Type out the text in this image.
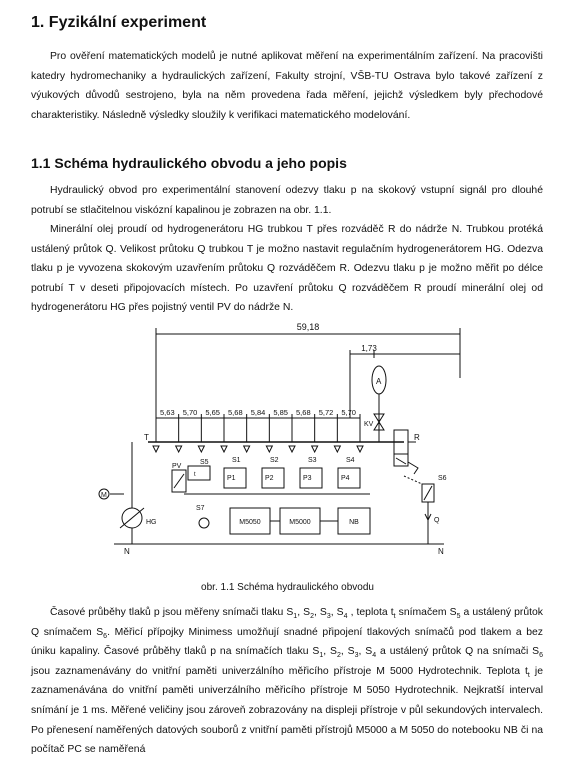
1. Fyzikální experiment

Pro ověření matematických modelů je nutné aplikovat měření na experimentálním zařízení. Na pracovišti katedry hydromechaniky a hydraulických zařízení, Fakulty strojní, VŠB-TU Ostrava bylo takové zařízení z výukových důvodů sestrojeno, byla na něm provedena řada měření, jejichž výsledkem byly přechodové charakteristiky. Následně výsledky sloužily k verifikaci matematického modelování.

1.1 Schéma hydraulického obvodu a jeho popis

Hydraulický obvod pro experimentální stanovení odezvy tlaku p na skokový vstupní signál pro dlouhé potrubí se stlačitelnou viskózní kapalinou je zobrazen na obr. 1.1.

Minerální olej proudí od hydrogenerátoru HG trubkou T přes rozváděč R do nádrže N. Trubkou protéká ustálený průtok Q. Velikost průtoku Q trubkou T je možno nastavit regulačním hydrogenerátorem HG. Odezva tlaku p je vyvozena skokovým uzavřením průtoku Q rozváděčem R. Odezvu tlaku p je možno měřit po délce potrubí T v deseti připojovacích místech. Po uzavření průtoku Q rozváděčem R proudí minerální olej od hydrogenerátoru HG přes pojistný ventil PV do nádrže N.

59,18
1,73
5,63 5,70 5,65 5,68 5,84 5,85 5,68 5,72 5,70
T
A
KV
R
S6
Q
M
HG
PV
S7
N	N
S5
t
S1
P1
S2
P2
S3
P3
S4
P4
M5050	M5000	NB
obr. 1.1 Schéma hydraulického obvodu

Časové průběhy tlaků p jsou měřeny snímači tlaku $S_1$, $S_2$, $S_3$, $S_4$ , teplota $t_t$ snímačem $S_5$ a ustálený průtok Q snímačem $S_6$. Měřicí přípojky Minimess umožňují snadné připojení tlakových snímačů pod tlakem a bez úniku kapaliny. Časové průběhy tlaků p na snímačích tlaku $S_1$, $S_2$, $S_3$, $S_4$ a ustálený průtok Q na snímači $S_6$ jsou zaznamenávány do vnitřní paměti univerzálního měřicího přístroje M 5000 Hydrotechnik. Teplota $t_t$ je zaznamenávána do vnitřní paměti univerzálního měřicího přístroje M 5050 Hydrotechnik. Nejkratší interval snímání je 1 ms. Měřené veličiny jsou zároveň zobrazovány na displeji přístroje v půl sekundových intervalech. Po přenesení naměřených datových souborů z vnitřní paměti přístrojů M5000 a M 5050 do notebooku NB či na počítač PC se naměřená
